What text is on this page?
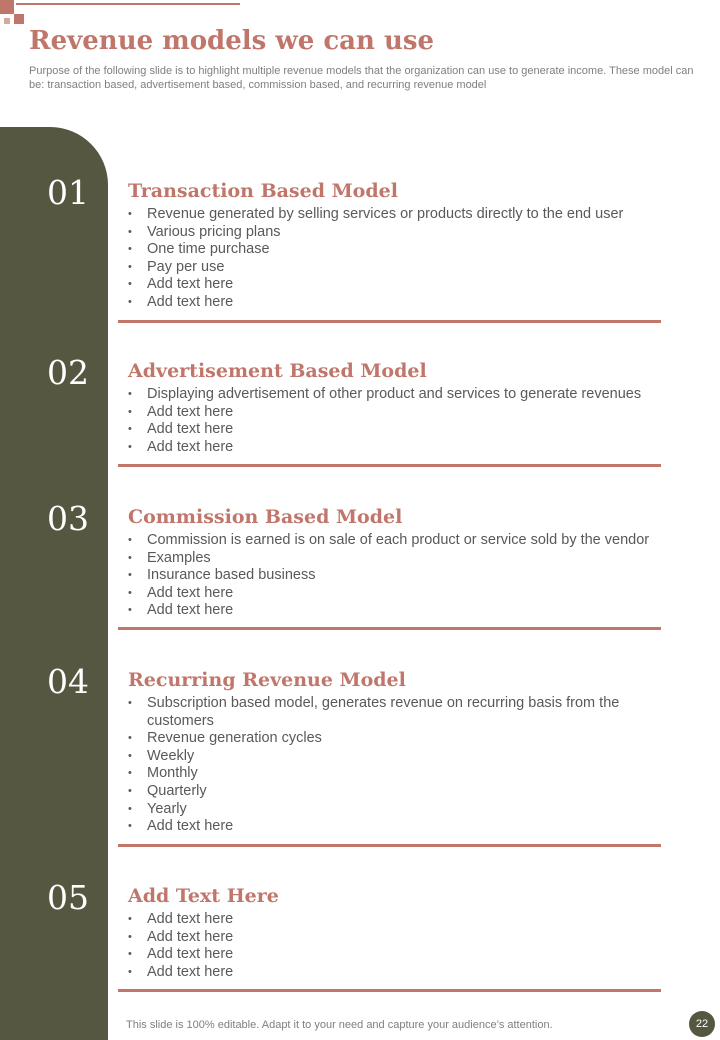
Revenue models we can use

Purpose of the following slide is to highlight multiple revenue models that the organization can use to generate income. These model can be: transaction based, advertisement based, commission based, and recurring revenue model

01	Transaction Based Model
• Revenue generated by selling services or products directly to the end user
• Various pricing plans
• One time purchase
• Pay per use
• Add text here
• Add text here
02	Advertisement Based Model
• Displaying advertisement of other product and services to generate revenues
• Add text here
• Add text here
• Add text here
03	Commission Based Model
• Commission is earned is on sale of each product or service sold by the vendor
• Examples
• Insurance based business
• Add text here
• Add text here
04	Recurring Revenue Model
• Subscription based model, generates revenue on recurring basis from the customers
• Revenue generation cycles
• Weekly
• Monthly
• Quarterly
• Yearly
• Add text here
05	Add Text Here
• Add text here
• Add text here
• Add text here
• Add text here

This slide is 100% editable. Adapt it to your need and capture your audience’s attention.	22
